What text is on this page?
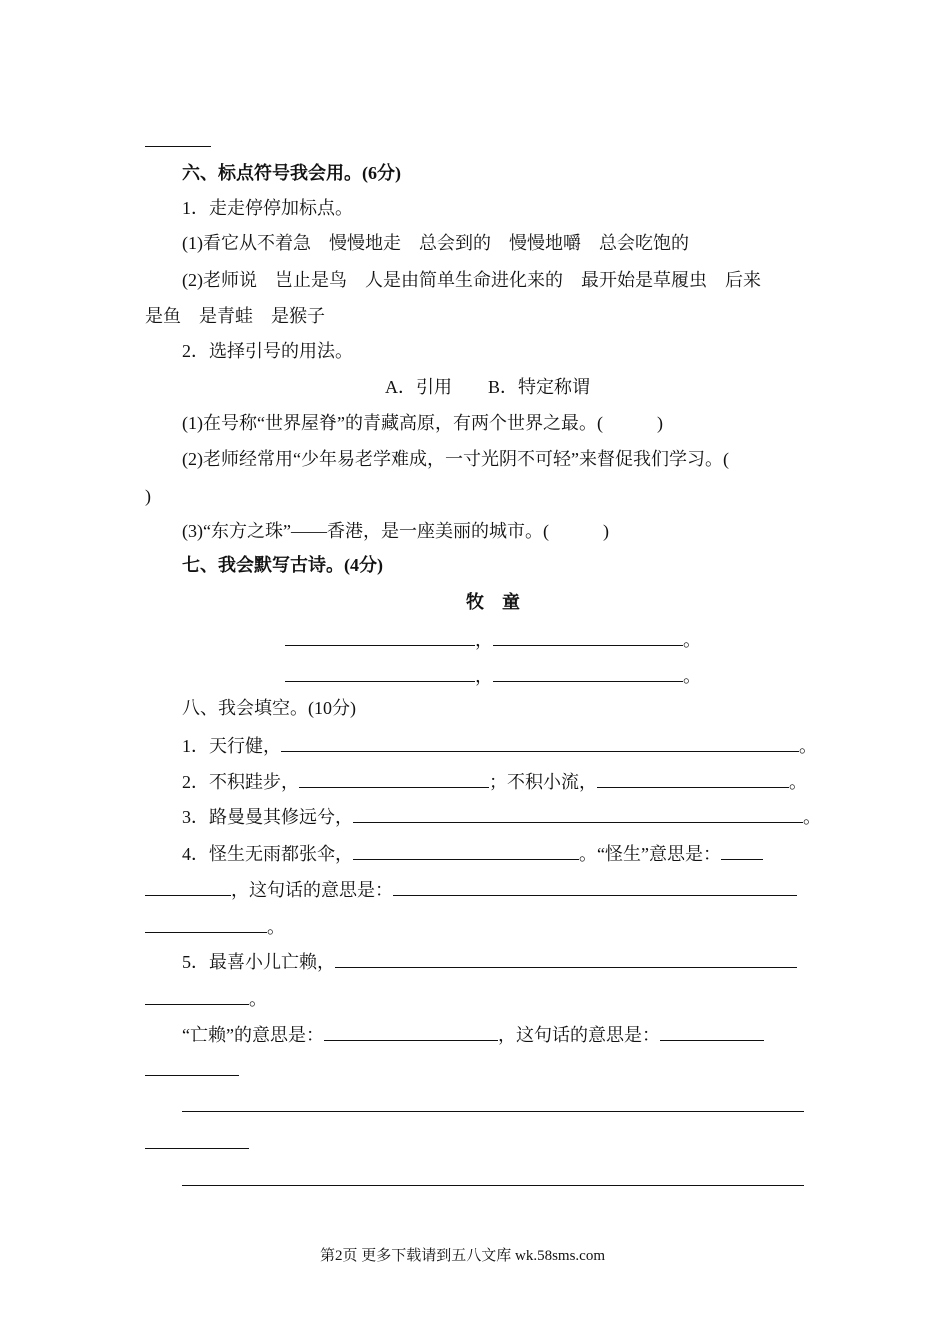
六、标点符号我会用。(6分)
1．走走停停加标点。
(1)看它从不着急　慢慢地走　总会到的　慢慢地嚼　总会吃饱的
(2)老师说　岂止是鸟　人是由简单生命进化来的　最开始是草履虫　后来
是鱼　是青蛙　是猴子
2．选择引号的用法。
A．引用　　B．特定称谓
(1)在号称“世界屋脊”的青藏高原，有两个世界之最。(　　　)
(2)老师经常用“少年易老学难成，一寸光阴不可轻”来督促我们学习。(
)
(3)“东方之珠”——香港，是一座美丽的城市。(　　　)
七、我会默写古诗。(4分)
牧　童
，	。
，	。
八、我会填空。(10分)
1．天行健，	。
2．不积跬步，	；不积小流，	。
3．路曼曼其修远兮，	。
4．怪生无雨都张伞，	。“怪生”意思是：
，这句话的意思是：
。
5．最喜小儿亡赖，
。
“亡赖”的意思是：	，这句话的意思是：
第2页 更多下载请到五八文库 wk.58sms.com
